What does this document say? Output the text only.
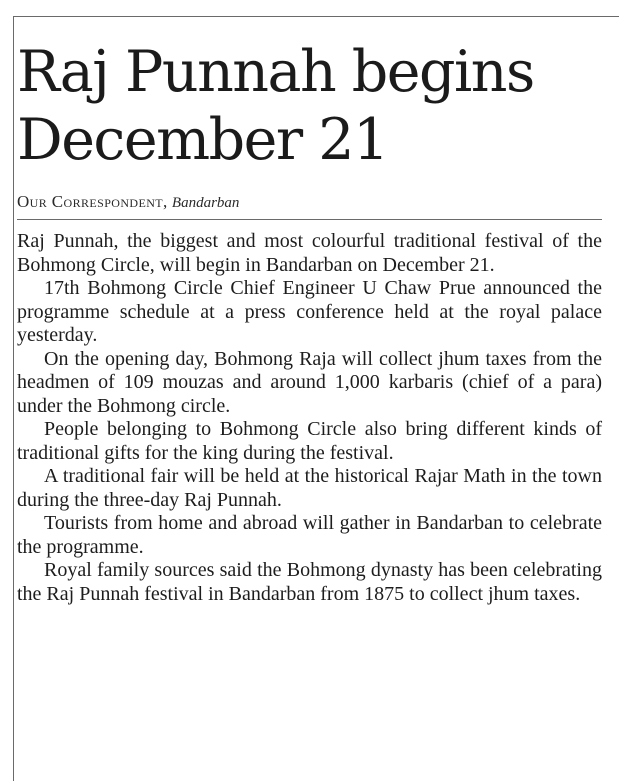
Raj Punnah begins December 21
Our Correspondent, Bandarban

Raj Punnah, the biggest and most colourful traditional festival of the Bohmong Circle, will begin in Bandarban on December 21.

17th Bohmong Circle Chief Engineer U Chaw Prue announced the programme schedule at a press conference held at the royal palace yesterday.

On the opening day, Bohmong Raja will collect jhum taxes from the headmen of 109 mouzas and around 1,000 karbaris (chief of a para) under the Bohmong circle.

People belonging to Bohmong Circle also bring different kinds of traditional gifts for the king during the festival.

A traditional fair will be held at the historical Rajar Math in the town during the three-day Raj Punnah.

Tourists from home and abroad will gather in Bandarban to celebrate the programme.

Royal family sources said the Bohmong dynasty has been celebrating the Raj Punnah festival in Bandarban from 1875 to collect jhum taxes.
